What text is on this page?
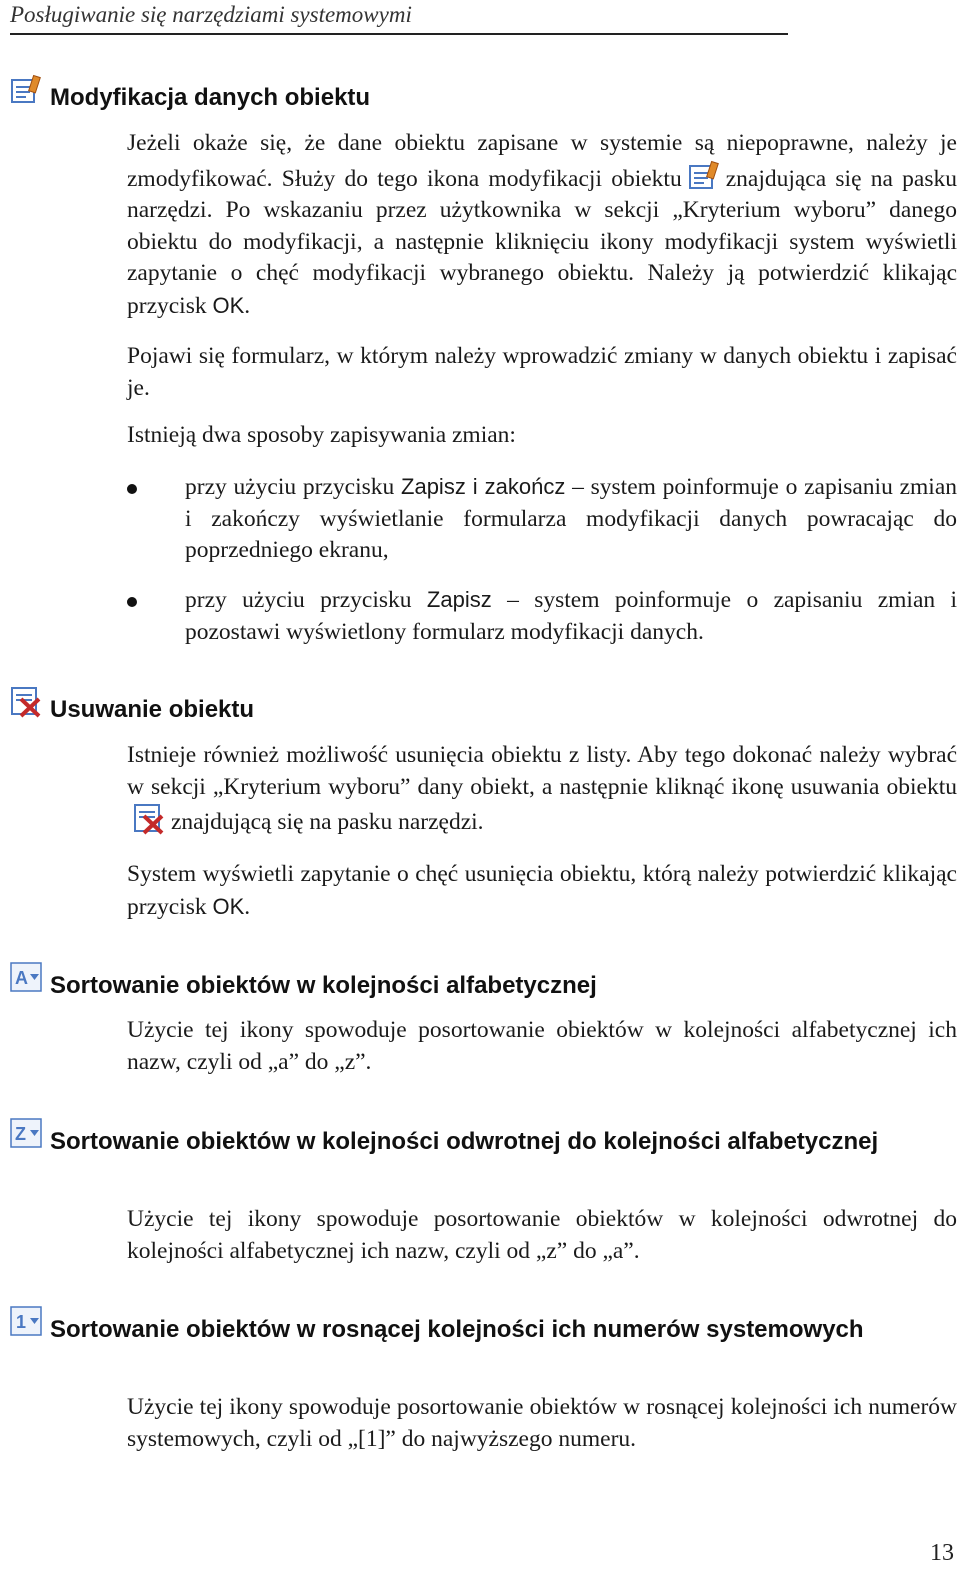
Posługiwanie się narzędziami systemowymi
Modyfikacja danych obiektu

Jeżeli okaże się, że dane obiektu zapisane w systemie są niepoprawne, należy je zmodyfikować. Służy do tego ikona modyfikacji obiektu znajdująca się na pasku narzędzi. Po wskazaniu przez użytkownika w sekcji „Kryterium wyboru” danego obiektu do modyfikacji, a następnie kliknięciu ikony modyfikacji system wyświetli zapytanie o chęć modyfikacji wybranego obiektu. Należy ją potwierdzić klikając przycisk OK.

Pojawi się formularz, w którym należy wprowadzić zmiany w danych obiektu i zapisać je.

Istnieją dwa sposoby zapisywania zmian:

przy użyciu przycisku Zapisz i zakończ – system poinformuje o zapisaniu zmian i zakończy wyświetlanie formularza modyfikacji danych powracając do poprzedniego ekranu,
przy użyciu przycisku Zapisz – system poinformuje o zapisaniu zmian i pozostawi wyświetlony formularz modyfikacji danych.
Usuwanie obiektu

Istnieje również możliwość usunięcia obiektu z listy. Aby tego dokonać należy wybrać w sekcji „Kryterium wyboru” dany obiekt, a następnie kliknąć ikonę usuwania obiektu
znajdującą się na pasku narzędzi.

System wyświetli zapytanie o chęć usunięcia obiektu, którą należy potwierdzić klikając przycisk OK.

A Sortowanie obiektów w kolejności alfabetycznej

Użycie tej ikony spowoduje posortowanie obiektów w kolejności alfabetycznej ich nazw, czyli od „a” do „z”.

Z	Sortowanie obiektów w kolejności odwrotnej do kolejności alfabetycznej

Użycie tej ikony spowoduje posortowanie obiektów w kolejności odwrotnej do kolejności alfabetycznej ich nazw, czyli od „z” do „a”.

1 Sortowanie obiektów w rosnącej kolejności ich numerów systemowych

Użycie tej ikony spowoduje posortowanie obiektów w rosnącej kolejności ich numerów systemowych, czyli od „[1]” do najwyższego numeru.

13
